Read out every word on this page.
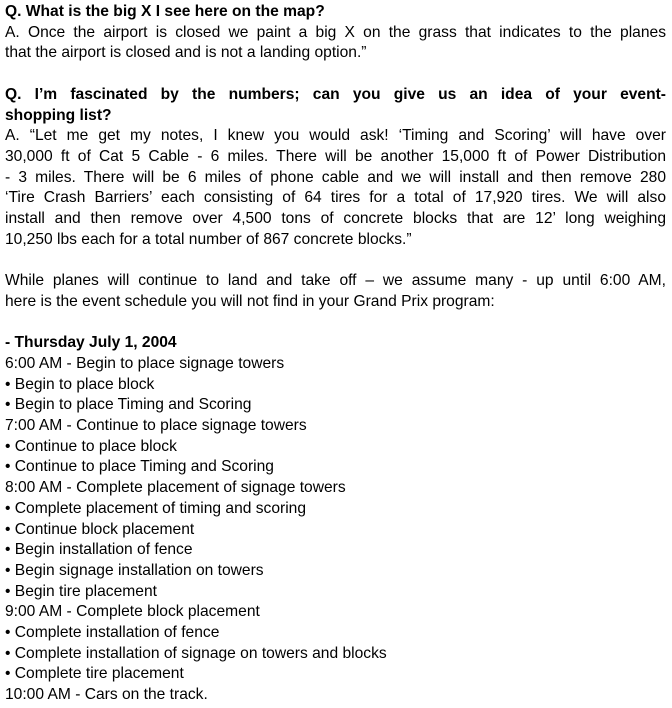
Q. What is the big X I see here on the map?
A. Once the airport is closed we paint a big X on the grass that indicates to the planes
that the airport is closed and is not a landing option.”
Q. I’m fascinated by the numbers; can you give us an idea of your event-
shopping list?
A. “Let me get my notes, I knew you would ask! ‘Timing and Scoring’ will have over
30,000 ft of Cat 5 Cable - 6 miles. There will be another 15,000 ft of Power Distribution
- 3 miles. There will be 6 miles of phone cable and we will install and then remove 280
‘Tire Crash Barriers’ each consisting of 64 tires for a total of 17,920 tires. We will also
install and then remove over 4,500 tons of concrete blocks that are 12’ long weighing
10,250 lbs each for a total number of 867 concrete blocks.”
While planes will continue to land and take off – we assume many - up until 6:00 AM,
here is the event schedule you will not find in your Grand Prix program:
- Thursday July 1, 2004
6:00 AM - Begin to place signage towers
• Begin to place block
• Begin to place Timing and Scoring
7:00 AM - Continue to place signage towers
• Continue to place block
• Continue to place Timing and Scoring
8:00 AM - Complete placement of signage towers
• Complete placement of timing and scoring
• Continue block placement
• Begin installation of fence
• Begin signage installation on towers
• Begin tire placement
9:00 AM - Complete block placement
• Complete installation of fence
• Complete installation of signage on towers and blocks
• Complete tire placement
10:00 AM - Cars on the track.
